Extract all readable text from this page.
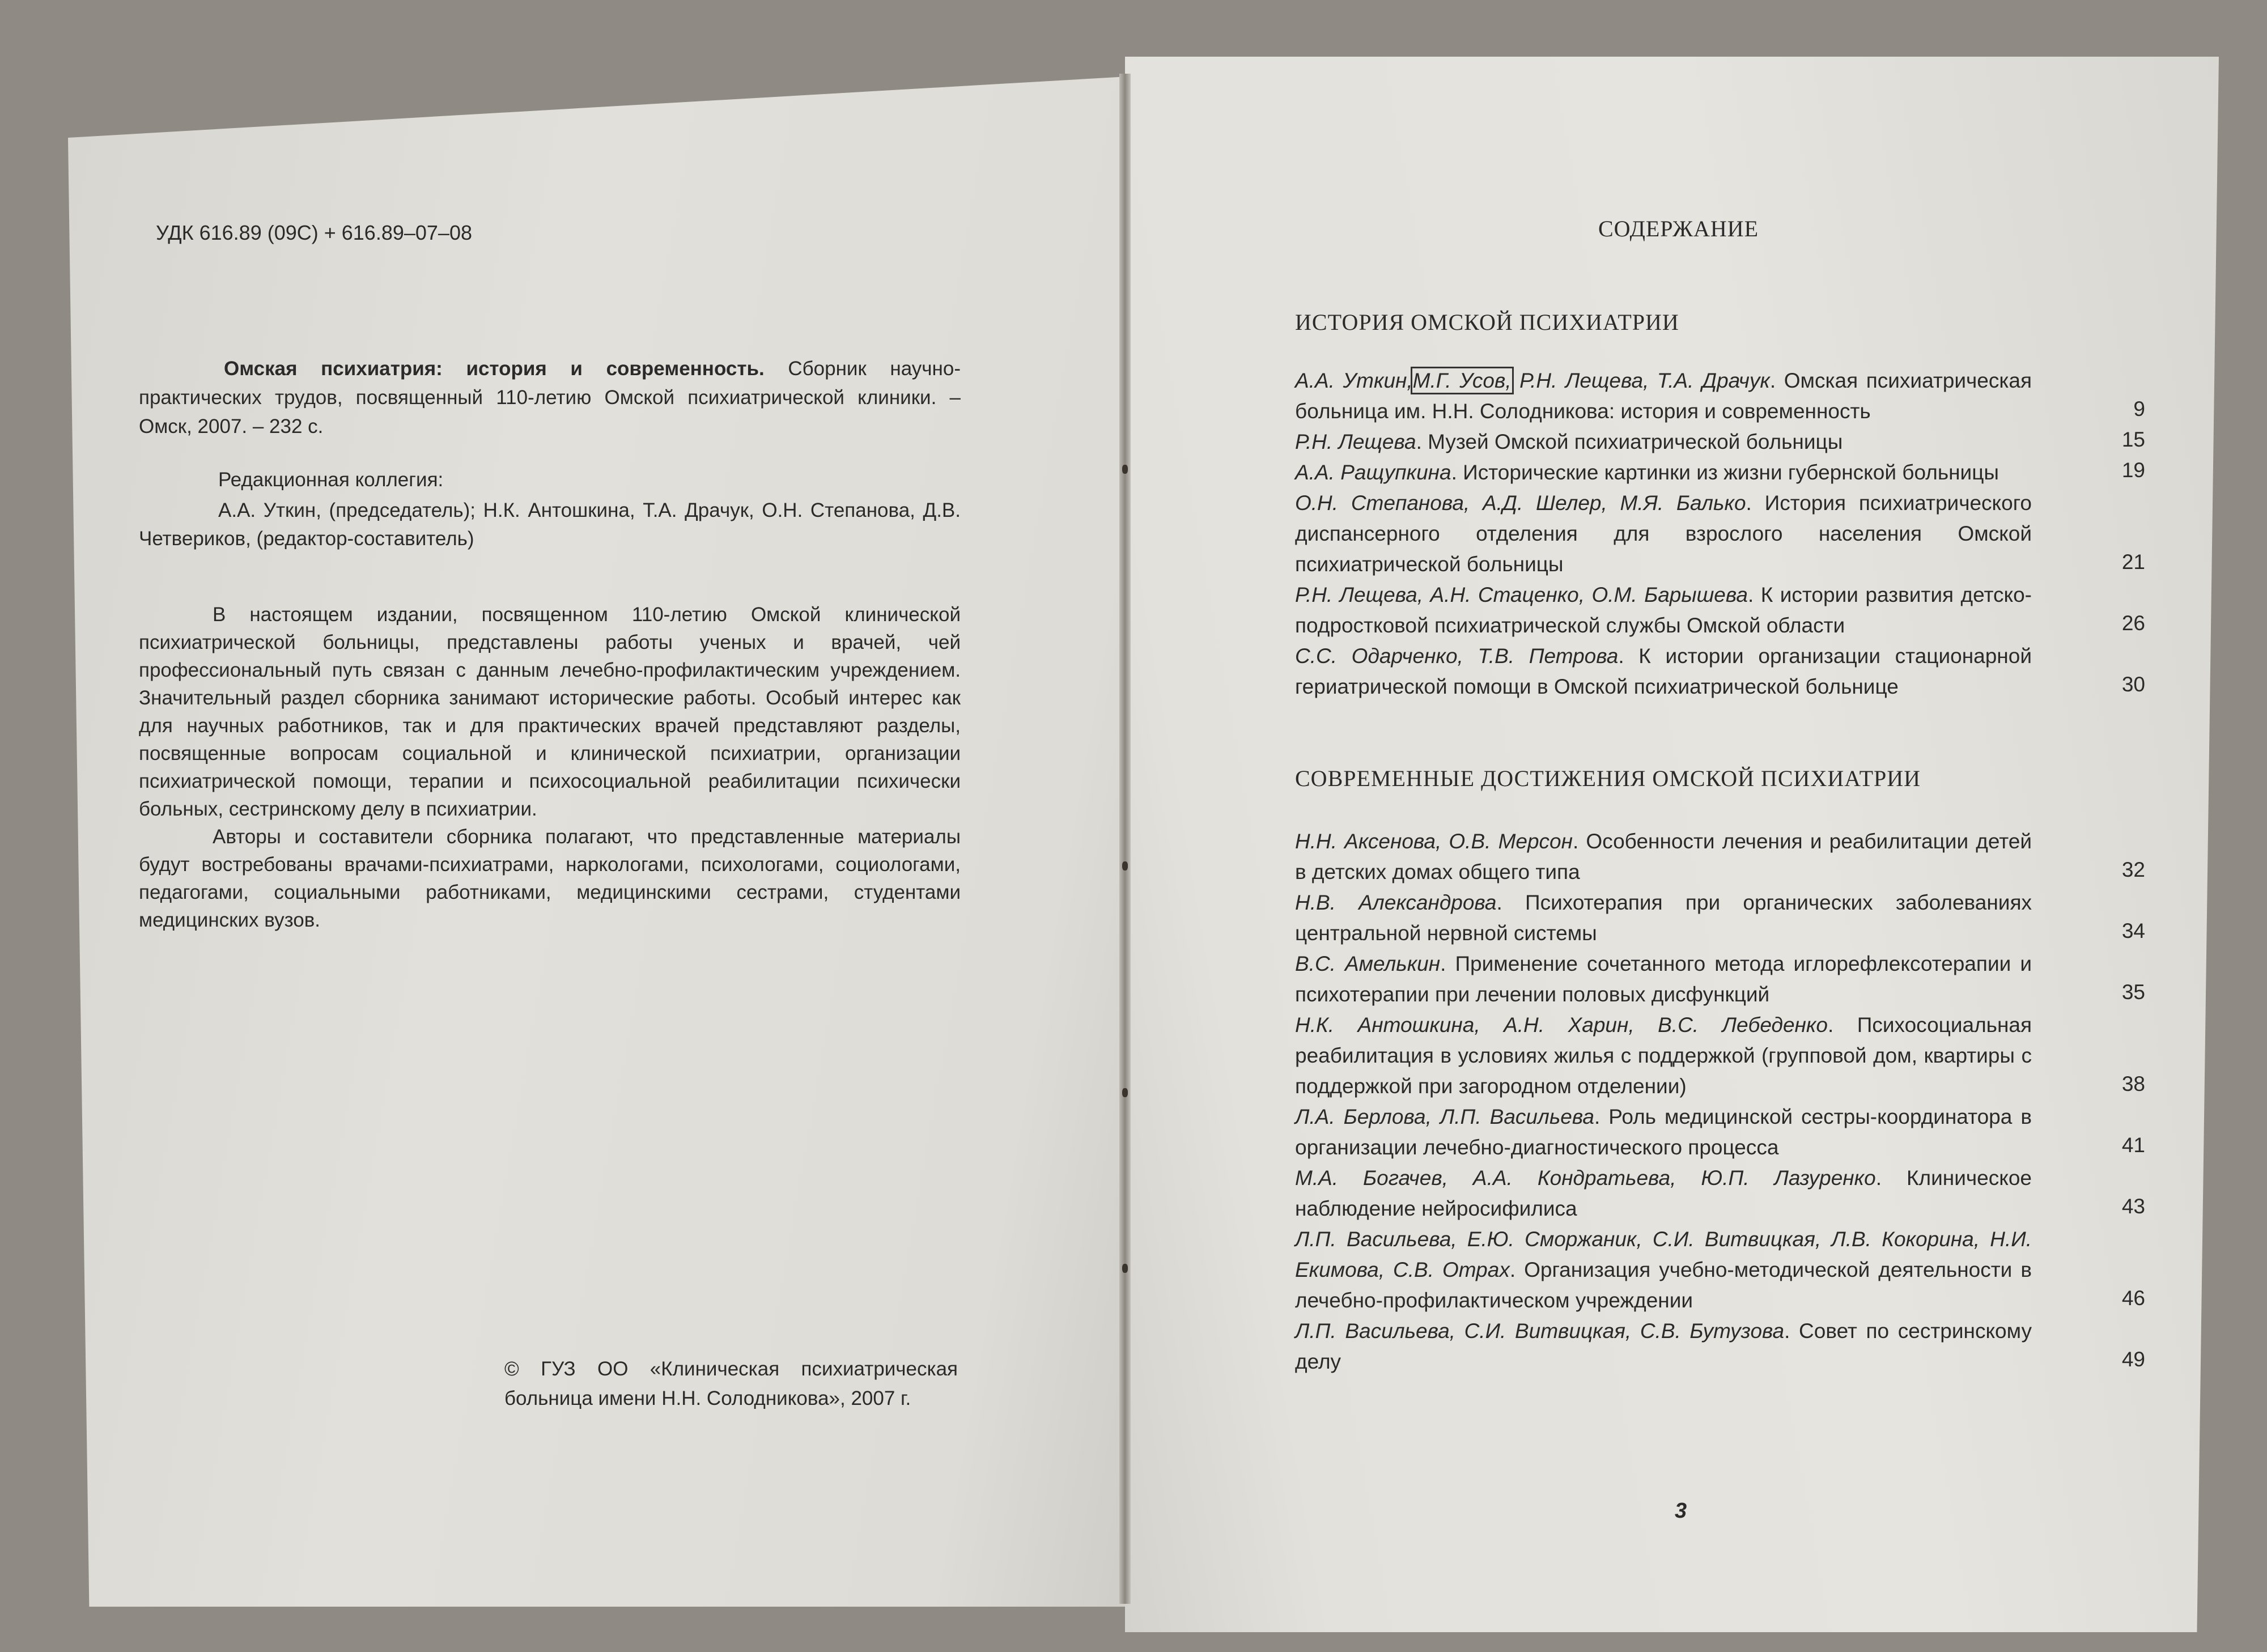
УДК 616.89 (09С) + 616.89–07–08
Омская психиатрия: история и современность. Сборник научно-практических трудов, посвященный 110-летию Омской психиатрической клиники. – Омск, 2007. – 232 с.
Редакционная коллегия:
А.А. Уткин, (председатель); Н.К. Антошкина, Т.А. Драчук, О.Н. Степанова, Д.В. Четвериков, (редактор-составитель)

В настоящем издании, посвященном 110-летию Омской клинической психиатрической больницы, представлены работы ученых и врачей, чей профессиональный путь связан с данным лечебно-профилактическим учреждением. Значительный раздел сборника занимают исторические работы. Особый интерес как для научных работников, так и для практических врачей представляют разделы, посвященные вопросам социальной и клинической психиатрии, организации психиатрической помощи, терапии и психосоциальной реабилитации психически больных, сестринскому делу в психиатрии.

Авторы и составители сборника полагают, что представленные материалы будут востребованы врачами-психиатрами, наркологами, психологами, социологами, педагогами, социальными работниками, медицинскими сестрами, студентами медицинских вузов.

© ГУЗ ОО «Клиническая психиатрическая больница имени Н.Н. Солодникова», 2007 г.
СОДЕРЖАНИЕ
ИСТОРИЯ ОМСКОЙ ПСИХИАТРИИ
А.А. Уткин,М.Г. Усов, Р.Н. Лещева, Т.А. Драчук. Омская психиатрическая больница им. Н.Н. Солодникова: история и современность	9
Р.Н. Лещева. Музей Омской психиатрической больницы	15
А.А. Ращупкина. Исторические картинки из жизни губернской больницы	19
О.Н. Степанова, А.Д. Шелер, М.Я. Балько. История психиатрического диспансерного отделения для взрослого населения Омской психиатрической больницы	21
Р.Н. Лещева, А.Н. Стаценко, О.М. Барышева. К истории развития детско-подростковой психиатрической службы Омской области	26
С.С. Одарченко, Т.В. Петрова. К истории организации стационарной гериатрической помощи в Омской психиатрической больнице	30
СОВРЕМЕННЫЕ ДОСТИЖЕНИЯ ОМСКОЙ ПСИХИАТРИИ
Н.Н. Аксенова, О.В. Мерсон. Особенности лечения и реабилитации детей в детских домах общего типа	32
Н.В. Александрова. Психотерапия при органических заболеваниях центральной нервной системы	34
В.С. Амелькин. Применение сочетанного метода иглорефлексотерапии и психотерапии при лечении половых дисфункций	35
Н.К. Антошкина, А.Н. Харин, В.С. Лебеденко. Психосоциальная реабилитация в условиях жилья с поддержкой (групповой дом, квартиры с поддержкой при загородном отделении)	38
Л.А. Берлова, Л.П. Васильева. Роль медицинской сестры-координатора в организации лечебно-диагностического процесса	41
М.А. Богачев, А.А. Кондратьева, Ю.П. Лазуренко. Клиническое наблюдение нейросифилиса	43
Л.П. Васильева, Е.Ю. Сморжаник, С.И. Витвицкая, Л.В. Кокорина, Н.И. Екимова, С.В. Отрах. Организация учебно-методической деятельности в лечебно-профилактическом учреждении	46
Л.П. Васильева, С.И. Витвицкая, С.В. Бутузова. Совет по сестринскому делу	49
3
